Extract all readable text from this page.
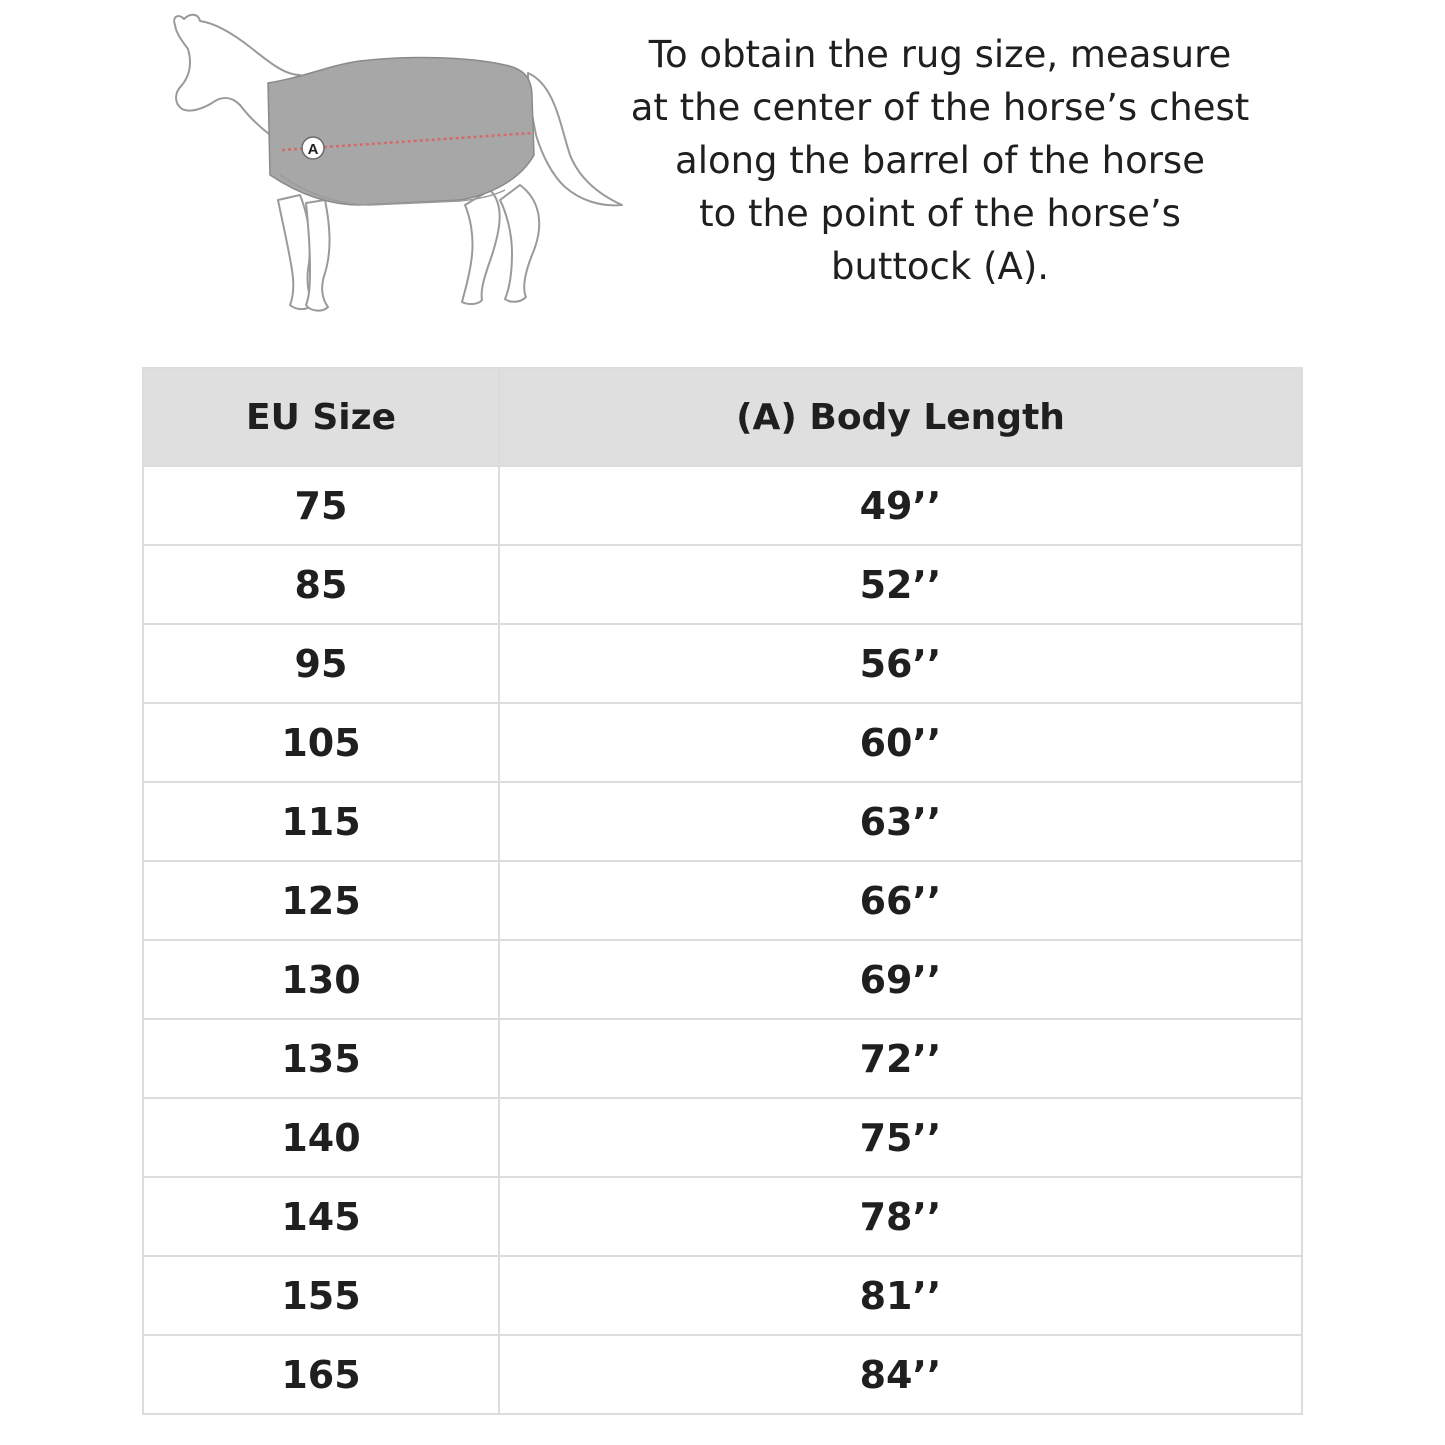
A
To obtain the rug size, measure
at the center of the horse’s chest
along the barrel of the horse
to the point of the horse’s
buttock (A).
EU Size	(A) Body Length
75	49’’
85	52’’
95	56’’
105	60’’
115	63’’
125	66’’
130	69’’
135	72’’
140	75’’
145	78’’
155	81’’
165	84’’
